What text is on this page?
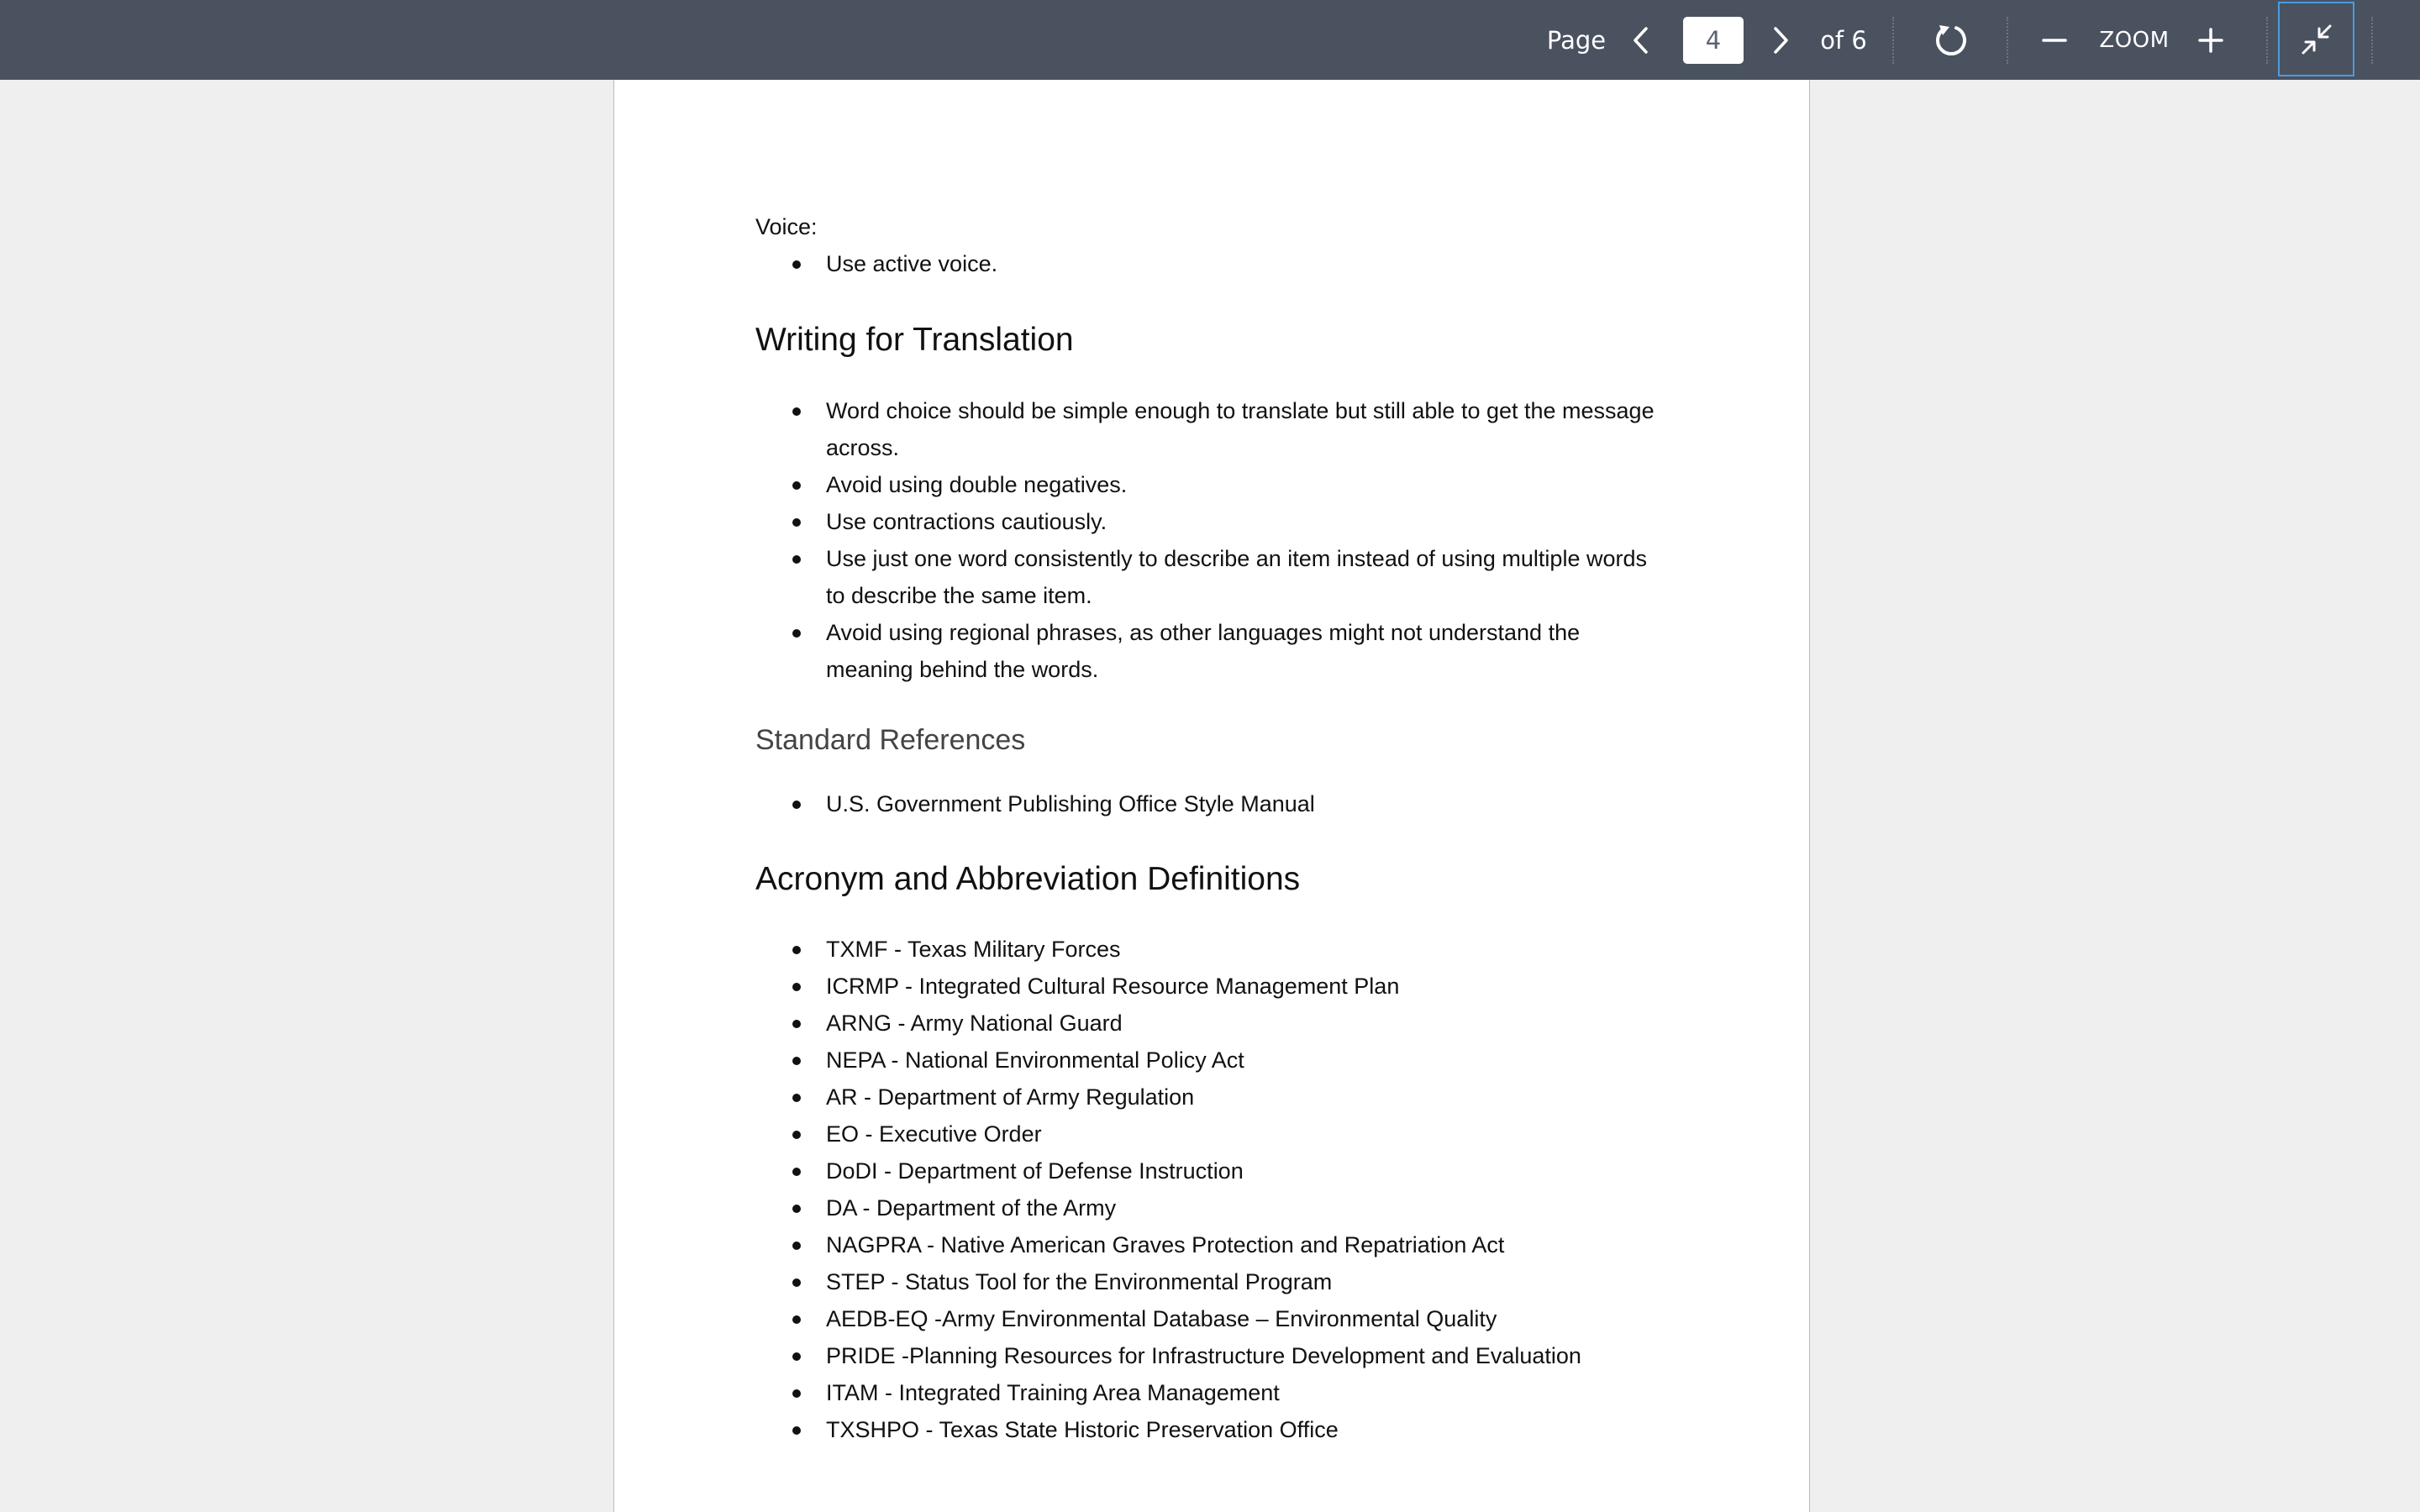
Page
4	of 6	ZOOM
Voice:
Use active voice.
Writing for Translation
Word choice should be simple enough to translate but still able to get the message across.
Avoid using double negatives.
Use contractions cautiously.
Use just one word consistently to describe an item instead of using multiple words to describe the same item.
Avoid using regional phrases, as other languages might not understand the meaning behind the words.
Standard References
U.S. Government Publishing Office Style Manual
Acronym and Abbreviation Definitions
TXMF - Texas Military Forces
ICRMP - Integrated Cultural Resource Management Plan
ARNG - Army National Guard
NEPA - National Environmental Policy Act
AR - Department of Army Regulation
EO - Executive Order
DoDI - Department of Defense Instruction
DA - Department of the Army
NAGPRA - Native American Graves Protection and Repatriation Act
STEP - Status Tool for the Environmental Program
AEDB-EQ -Army Environmental Database – Environmental Quality
PRIDE -Planning Resources for Infrastructure Development and Evaluation
ITAM - Integrated Training Area Management
TXSHPO - Texas State Historic Preservation Office
